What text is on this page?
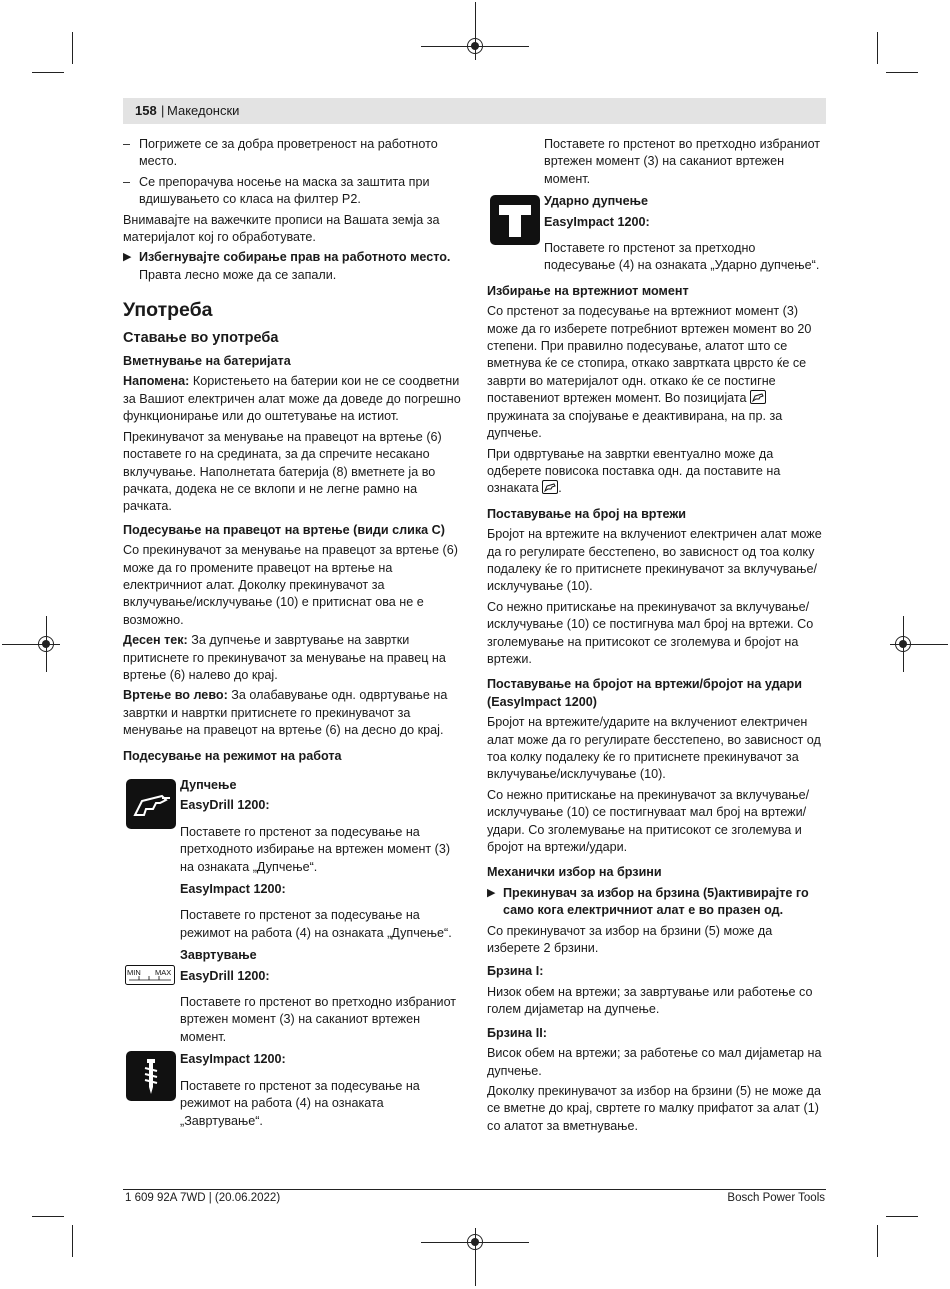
158 | Македонски

– Погрижете се за добра проветреност на работното место.

– Се препорачува носење на маска за заштита при вдишувањето со класа на филтер P2.

Внимавајте на важечките прописи на Вашата земја за материјалот кој го обработувате.

▶ Избегнувајте собирање прав на работното место. Правта лесно може да се запали.

Употреба
Ставање во употреба
Вметнување на батеријата

Напомена: Користењето на батерии кои не се соодветни за Вашиот електричен алат може да доведе до погрешно функционирање или до оштетување на истиот.

Прекинувачот за менување на правецот на вртење (6) поставете го на средината, за да спречите несакано вклучување. Наполнетата батерија (8) вметнете ја во рачката, додека не се вклопи и не легне рамно на рачката.

Подесување на правецот на вртење (види слика C)

Со прекинувачот за менување на правецот за вртење (6) може да го промените правецот на вртење на електричниот алат. Доколку прекинувачот за вклучување/исклучување (10) е притиснат ова не е возможно.

Десен тек: За дупчење и завртување на завртки притиснете го прекинувачот за менување на правец на вртење (6) налево до крај.

Вртење во лево: За олабавување одн. одвртување на завртки и навртки притиснете го прекинувачот за менување на правецот на вртење (6) на десно до крај.

Подесување на режимот на работа
Дупчење
EasyDrill 1200:

Поставете го прстенот за подесување на претходното избирање на вртежен момент (3) на ознаката „Дупчење“.

EasyImpact 1200:

Поставете го прстенот за подесување на режимот на работа (4) на ознаката „Дупчење“.

MIN MAX
Завртување
EasyDrill 1200:

Поставете го прстенот во претходно избраниот вртежен момент (3) на саканиот вртежен момент.

EasyImpact 1200:

Поставете го прстенот за подесување на режимот на работа (4) на ознаката „Завртување“.

Поставете го прстенот во претходно избраниот вртежен момент (3) на саканиот вртежен момент.

Ударно дупчење
EasyImpact 1200:

Поставете го прстенот за претходно подесување (4) на ознаката „Ударно дупчење“.

Избирање на вртежниот момент

Со прстенот за подесување на вртежниот момент (3) може да го изберете потребниот вртежен момент во 20 степени. При правилно подесување, алатот што се вметнува ќе се стопира, откако завртката цврсто ќе се заврти во материјалот одн. откако ќе се постигне поставениот вртежен момент. Во позицијата
пружината за спојување е деактивирана, на пр. за дупчење.

При одвртување на завртки евентуално може да одберете повисока поставка одн. да поставите на ознаката .

Поставување на број на вртежи

Бројот на вртежите на вклучениот електричен алат може да го регулирате бесстепено, во зависност од тоа колку подалеку ќе го притиснете прекинувачот за вклучување/исклучување (10).

Со нежно притискање на прекинувачот за вклучување/исклучување (10) се постигнува мал број на вртежи. Со зголемување на притисокот се зголемува и бројот на вртежи.

Поставување на бројот на вртежи/бројот на удари (EasyImpact 1200)

Бројот на вртежите/ударите на вклучениот електричен алат може да го регулирате бесстепено, во зависност од тоа колку подалеку ќе го притиснете прекинувачот за вклучување/исклучување (10).

Со нежно притискање на прекинувачот за вклучување/исклучување (10) се постигнуваат мал број на вртежи/удари. Со зголемување на притисокот се зголемува и бројот на вртежи/удари.

Механички избор на брзини

▶ Прекинувач за избор на брзина (5)активирајте го само кога електричниот алат е во празен од.

Со прекинувачот за избор на брзини (5) може да изберете 2 брзини.

Брзина I:

Низок обем на вртежи; за завртување или работење со голем дијаметар на дупчење.

Брзина II:

Висок обем на вртежи; за работење со мал дијаметар на дупчење.

Доколку прекинувачот за избор на брзини (5) не може да се вметне до крај, свртете го малку прифатот за алат (1) со алатот за вметнување.

1 609 92A 7WD | (20.06.2022)	Bosch Power Tools
